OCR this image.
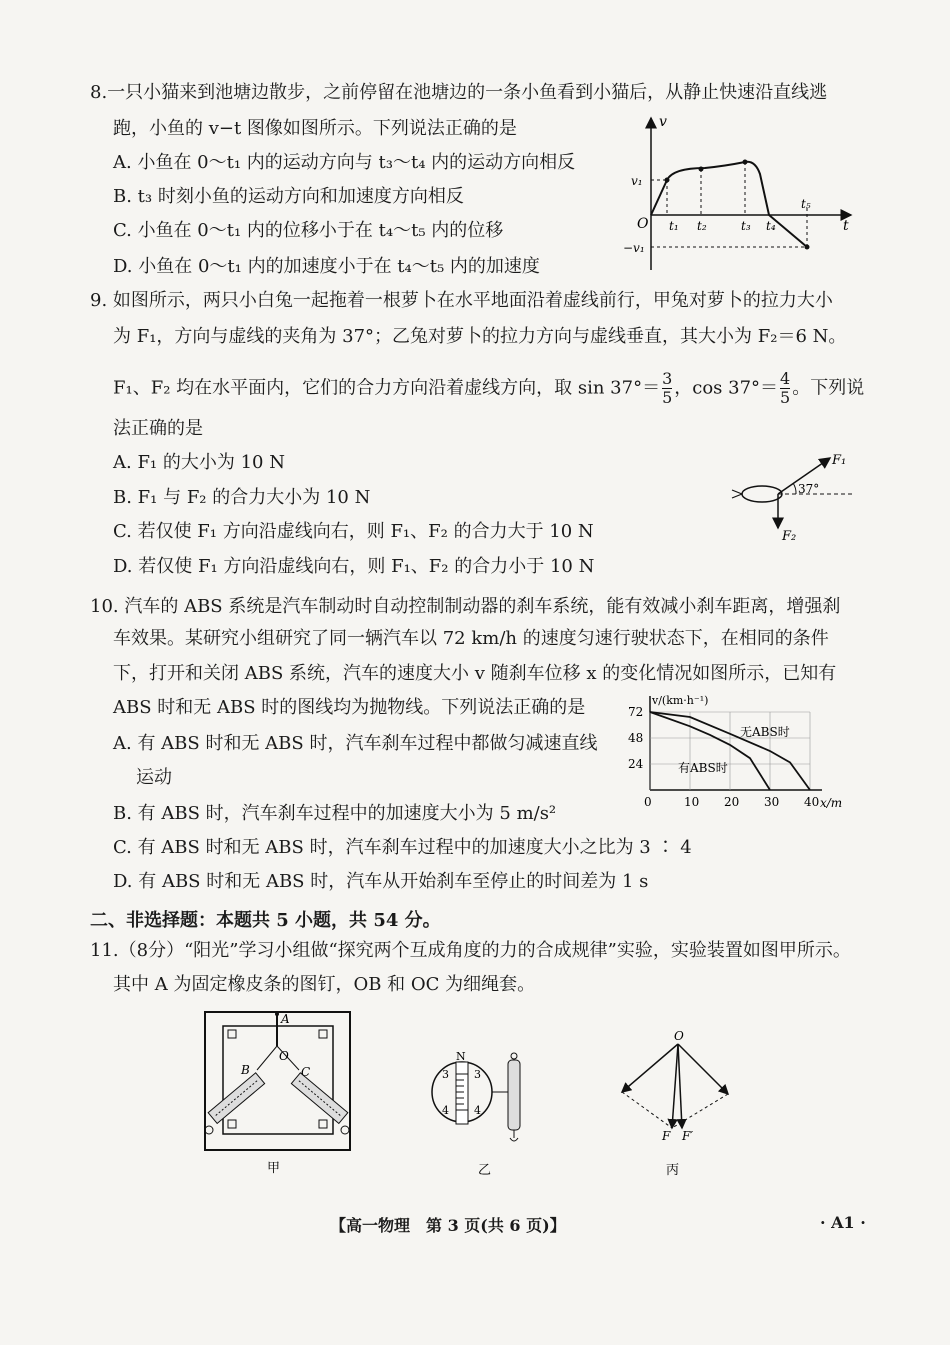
8.一只小猫来到池塘边散步，之前停留在池塘边的一条小鱼看到小猫后，从静止快速沿直线逃
跑，小鱼的 v−t 图像如图所示。下列说法正确的是
A. 小鱼在 0～t₁ 内的运动方向与 t₃～t₄ 内的运动方向相反
B. t₃ 时刻小鱼的运动方向和加速度方向相反
C. 小鱼在 0～t₁ 内的位移小于在 t₄～t₅ 内的位移
D. 小鱼在 0～t₁ 内的加速度小于在 t₄～t₅ 内的加速度
v
t
O
v₁
−v₁
t₁ t₂	t₃ t₄
t₅
9. 如图所示，两只小白兔一起拖着一根萝卜在水平地面沿着虚线前行，甲兔对萝卜的拉力大小
为 F₁，方向与虚线的夹角为 37°；乙兔对萝卜的拉力方向与虚线垂直，其大小为 F₂＝6 N。
F₁、F₂ 均在水平面内，它们的合力方向沿着虚线方向，取 $\sin 37^\circ= \frac{3}{5}$ ，$\cos 37^\circ= \frac{4}{5}$ 。下列说
法正确的是
A. F₁ 的大小为 10 N
B. F₁ 与 F₂ 的合力大小为 10 N
C. 若仅使 F₁ 方向沿虚线向右，则 F₁、F₂ 的合力大于 10 N
D. 若仅使 F₁ 方向沿虚线向右，则 F₁、F₂ 的合力小于 10 N
37°
F₁
F₂
10. 汽车的 ABS 系统是汽车制动时自动控制制动器的刹车系统，能有效减小刹车距离，增强刹
车效果。某研究小组研究了同一辆汽车以 72 km/h 的速度匀速行驶状态下，在相同的条件
下，打开和关闭 ABS 系统，汽车的速度大小 v 随刹车位移 x 的变化情况如图所示，已知有
ABS 时和无 ABS 时的图线均为抛物线。下列说法正确的是
A. 有 ABS 时和无 ABS 时，汽车刹车过程中都做匀减速直线
运动
B. 有 ABS 时，汽车刹车过程中的加速度大小为 5 m/s²
C. 有 ABS 时和无 ABS 时，汽车刹车过程中的加速度大小之比为 3 ∶ 4
D. 有 ABS 时和无 ABS 时，汽车从开始刹车至停止的时间差为 1 s
24
48
72
0	10 20 30 40
v/(km·h⁻¹)
x/m
无ABS时
有ABS时
二、非选择题：本题共 5 小题，共 54 分。
11.（8分）“阳光”学习小组做“探究两个互成角度的力的合成规律”实验，实验装置如图甲所示。
其中 A 为固定橡皮条的图钉，OB 和 OC 为细绳套。
A
O
B	C
甲
N
3 3
4 4
乙
O
F F′
丙
【高一物理　第 3 页(共 6 页)】	· A1 ·
